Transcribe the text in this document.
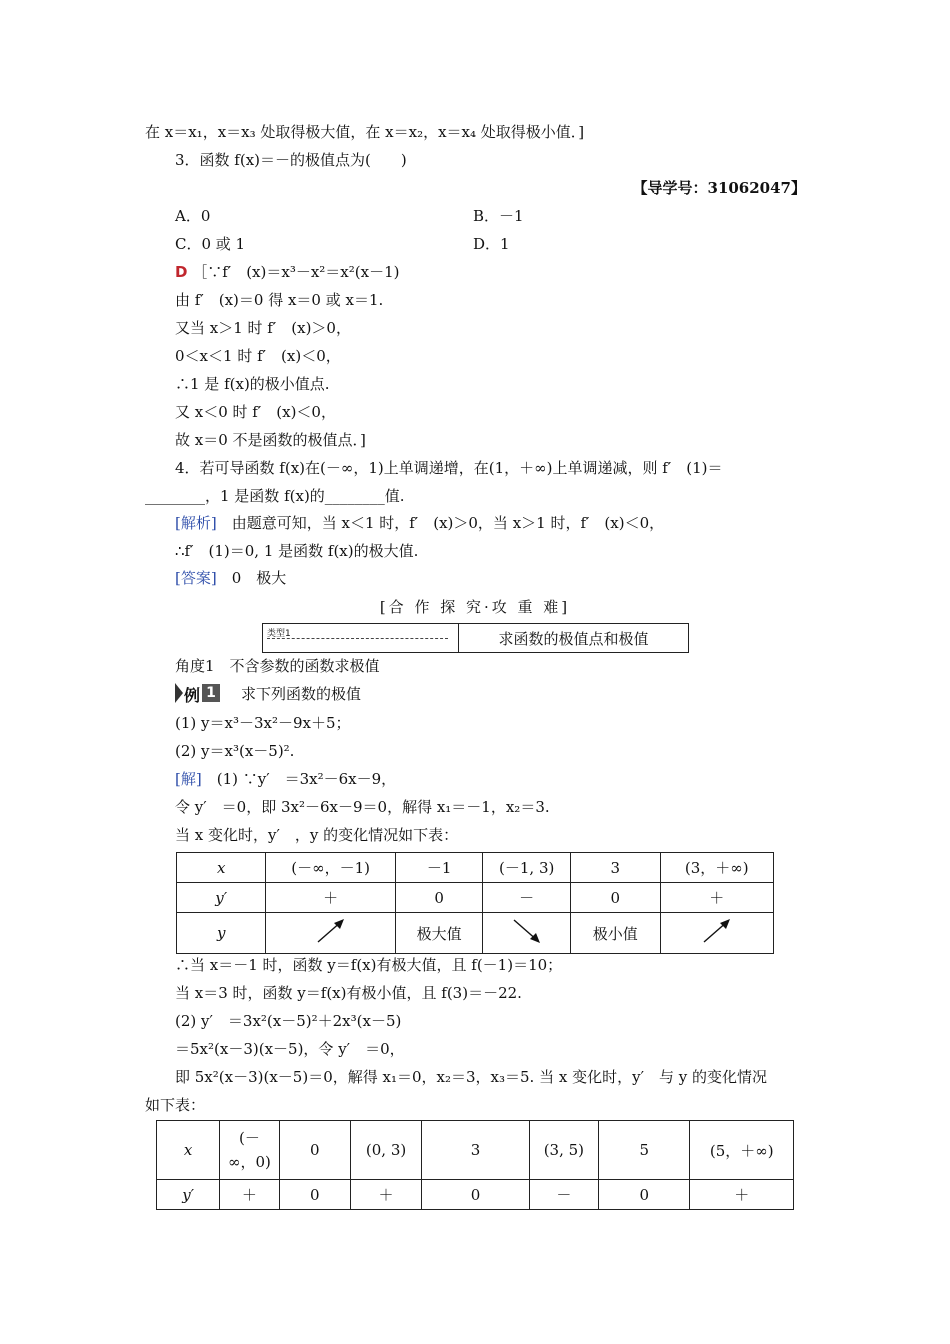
在 x＝x₁，x＝x₃ 处取得极大值，在 x＝x₂，x＝x₄ 处取得极小值．]
3．函数 f(x)＝－的极值点为(　　)
【导学号：31062047】
A．0	B．－1
C．0 或 1	D．1
D ［∵f′　(x)＝x³－x²＝x²(x－1)
由 f′　(x)＝0 得 x＝0 或 x＝1.
又当 x＞1 时 f′　(x)＞0，
0＜x＜1 时 f′　(x)＜0，
∴1 是 f(x)的极小值点.
又 x＜0 时 f′　(x)＜0，
故 x＝0 不是函数的极值点．]
4．若可导函数 f(x)在(－∞，1)上单调递增，在(1，＋∞)上单调递减，则 f′　(1)＝
________，1 是函数 f(x)的________值.
[解析]　由题意可知，当 x＜1 时，f′　(x)＞0，当 x＞1 时，f′　(x)＜0，
∴f′　(1)＝0, 1 是函数 f(x)的极大值.
[答案]　0　极大
[合 作 探 究·攻 重 难]
类型1	求函数的极值点和极值
角度1　不含参数的函数求极值
例 1 求下列函数的极值
(1) y＝x³－3x²－9x＋5；
(2) y＝x³(x－5)².
[解]　(1) ∵y′　＝3x²－6x－9，
令 y′　＝0，即 3x²－6x－9＝0，解得 x₁＝－1，x₂＝3.
当 x 变化时，y′　，y 的变化情况如下表：
x	(－∞，－1)	－1	(－1, 3)	3	(3，＋∞)
y′	＋	0	－	0	＋
y		极大值		极小值	
∴当 x＝－1 时，函数 y＝f(x)有极大值，且 f(－1)＝10；
当 x＝3 时，函数 y＝f(x)有极小值，且 f(3)＝－22.
(2) y′　＝3x²(x－5)²＋2x³(x－5)
＝5x²(x－3)(x－5)，令 y′　＝0，
即 5x²(x－3)(x－5)＝0，解得 x₁＝0，x₂＝3，x₃＝5. 当 x 变化时，y′　与 y 的变化情况
如下表：
x	(－
∞，0)	0	(0, 3)	3	(3, 5)	5	(5，＋∞)
y′	＋	0	＋	0	－	0	＋
